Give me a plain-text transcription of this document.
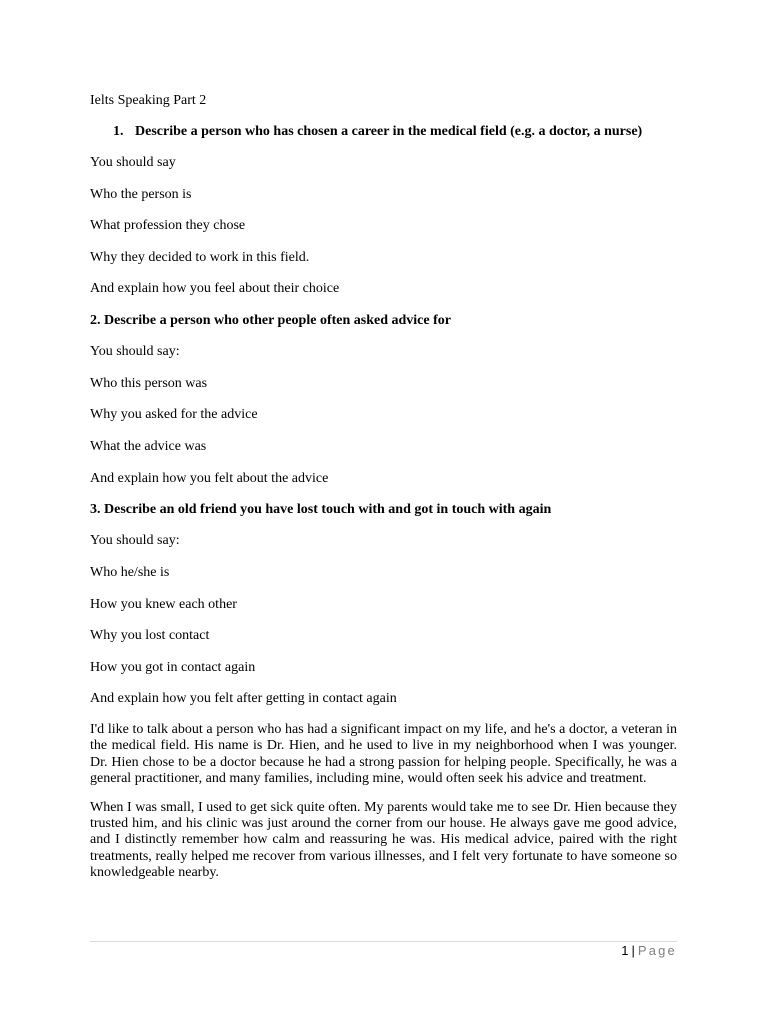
Ielts Speaking Part 2

1. Describe a person who has chosen a career in the medical field (e.g. a doctor, a nurse)

You should say

Who the person is

What profession they chose

Why they decided to work in this field.

And explain how you feel about their choice

2. Describe a person who other people often asked advice for

You should say:

Who this person was

Why you asked for the advice

What the advice was

And explain how you felt about the advice

3. Describe an old friend you have lost touch with and got in touch with again

You should say:

Who he/she is

How you knew each other

Why you lost contact

How you got in contact again

And explain how you felt after getting in contact again

I'd like to talk about a person who has had a significant impact on my life, and he's a doctor, a veteran in the medical field. His name is Dr. Hien, and he used to live in my neighborhood when I was younger. Dr. Hien chose to be a doctor because he had a strong passion for helping people. Specifically, he was a general practitioner, and many families, including mine, would often seek his advice and treatment.

When I was small, I used to get sick quite often. My parents would take me to see Dr. Hien because they trusted him, and his clinic was just around the corner from our house. He always gave me good advice, and I distinctly remember how calm and reassuring he was. His medical advice, paired with the right treatments, really helped me recover from various illnesses, and I felt very fortunate to have someone so knowledgeable nearby.

1 | Page
